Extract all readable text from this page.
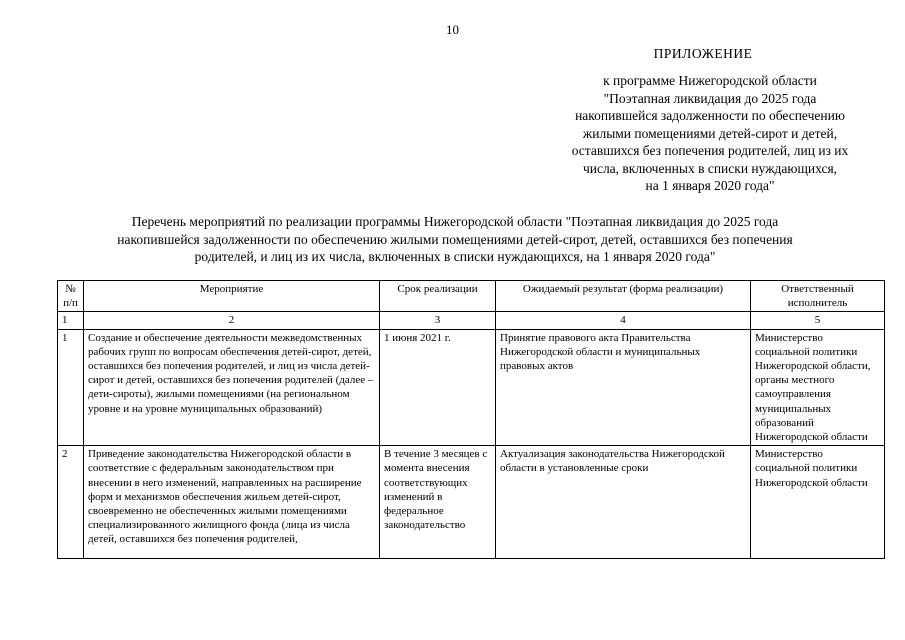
10
ПРИЛОЖЕНИЕ
к программе Нижегородской области
"Поэтапная ликвидация до 2025 года
накопившейся задолженности по обеспечению
жилыми помещениями детей-сирот и детей,
оставшихся без попечения родителей, лиц из их
числа, включенных в списки нуждающихся,
на 1 января 2020 года"
Перечень мероприятий по реализации программы Нижегородской области "Поэтапная ликвидация до 2025 года
накопившейся задолженности по обеспечению жилыми помещениями детей-сирот, детей, оставшихся без попечения
родителей, и лиц из их числа, включенных в списки нуждающихся, на 1 января 2020 года"
№ п/п	Мероприятие	Срок реализации	Ожидаемый результат (форма реализации)	Ответственный исполнитель
1	2	3	4	5
1	Создание и обеспечение деятельности межведомственных рабочих групп по вопросам обеспечения детей-сирот, детей, оставшихся без попечения родителей, и лиц из числа детей-сирот и детей, оставшихся без попечения родителей (далее – дети-сироты), жилыми помещениями (на региональном уровне и на уровне муниципальных образований)	1 июня 2021 г.	Принятие правового акта Правительства Нижегородской области и муниципальных правовых актов	Министерство социальной политики Нижегородской области, органы местного самоуправления муниципальных образований Нижегородской области
2	Приведение законодательства Нижегородской области в соответствие с федеральным законодательством при внесении в него изменений, направленных на расширение форм и механизмов обеспечения жильем детей-сирот, своевременно не обеспеченных жилыми помещениями специализированного жилищного фонда (лица из числа детей, оставшихся без попечения родителей,	В течение 3 месяцев с момента внесения соответствующих изменений в федеральное законодательство	Актуализация законодательства Нижегородской области в установленные сроки	Министерство социальной политики Нижегородской области
